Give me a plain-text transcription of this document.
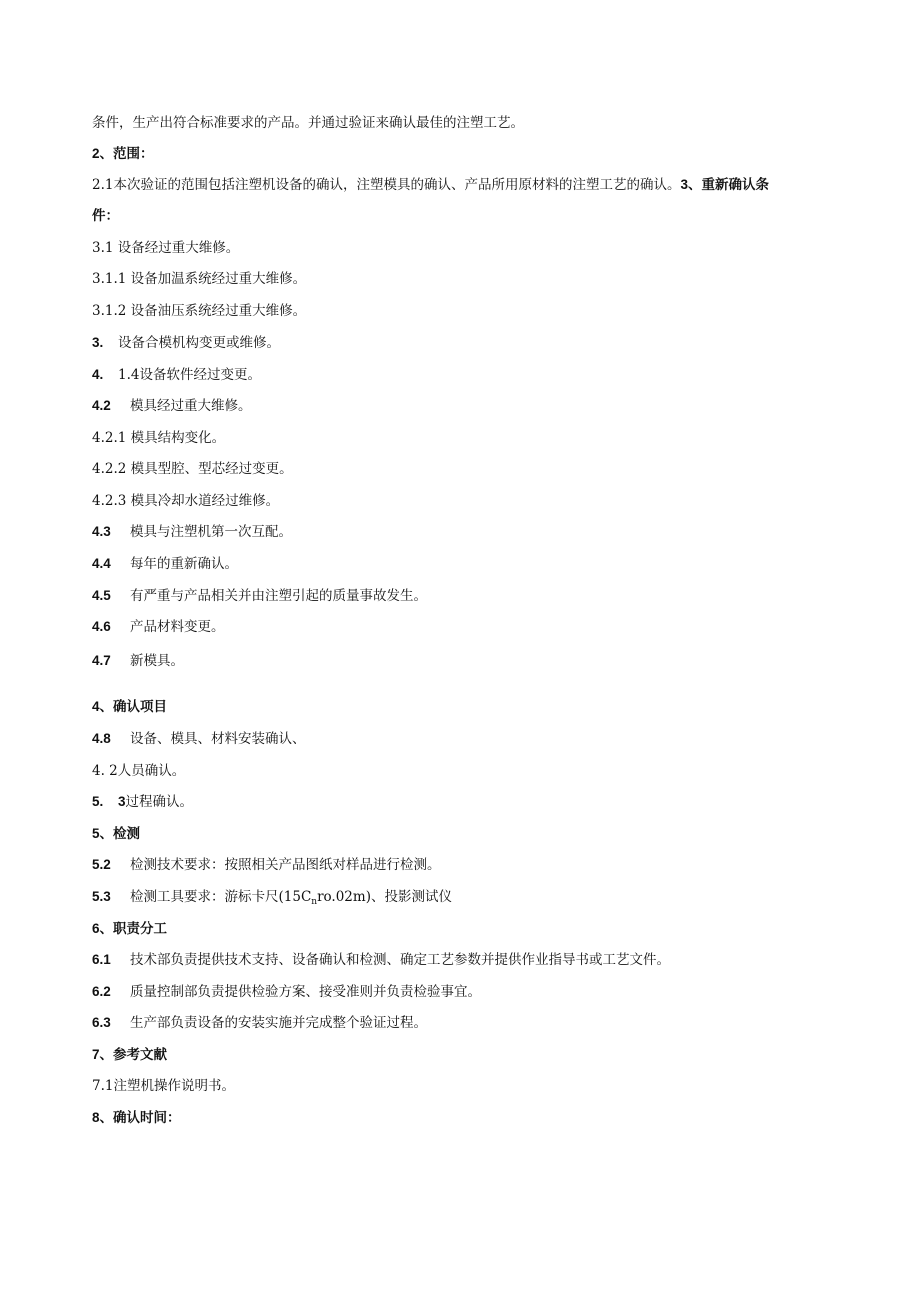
条件，生产出符合标准要求的产品。并通过验证来确认最佳的注塑工艺。
2、范围：
2.1本次验证的范围包括注塑机设备的确认，注塑模具的确认、产品所用原材料的注塑工艺的确认。3、重新确认条
件：
3.1 设备经过重大维修。
3.1.1 设备加温系统经过重大维修。
3.1.2 设备油压系统经过重大维修。
3. 设备合模机构变更或维修。
4. 1.4设备软件经过变更。
4.2 模具经过重大维修。
4.2.1 模具结构变化。
4.2.2 模具型腔、型芯经过变更。
4.2.3 模具冷却水道经过维修。
4.3 模具与注塑机第一次互配。
4.4 每年的重新确认。
4.5 有严重与产品相关并由注塑引起的质量事故发生。
4.6 产品材料变更。
4.7 新模具。
4、确认项目
4.8 设备、模具、材料安装确认、
4. 2人员确认。
5. 3过程确认。
5、检测
5.2 检测技术要求：按照相关产品图纸对样品进行检测。
5.3 检测工具要求：游标卡尺$(15C_nro.02m)$、投影测试仪
6、职责分工
6.1 技术部负责提供技术支持、设备确认和检测、确定工艺参数并提供作业指导书或工艺文件。
6.2 质量控制部负责提供检验方案、接受准则并负责检验事宜。
6.3 生产部负责设备的安装实施并完成整个验证过程。
7、参考文献
7.1注塑机操作说明书。
8、确认时间：
